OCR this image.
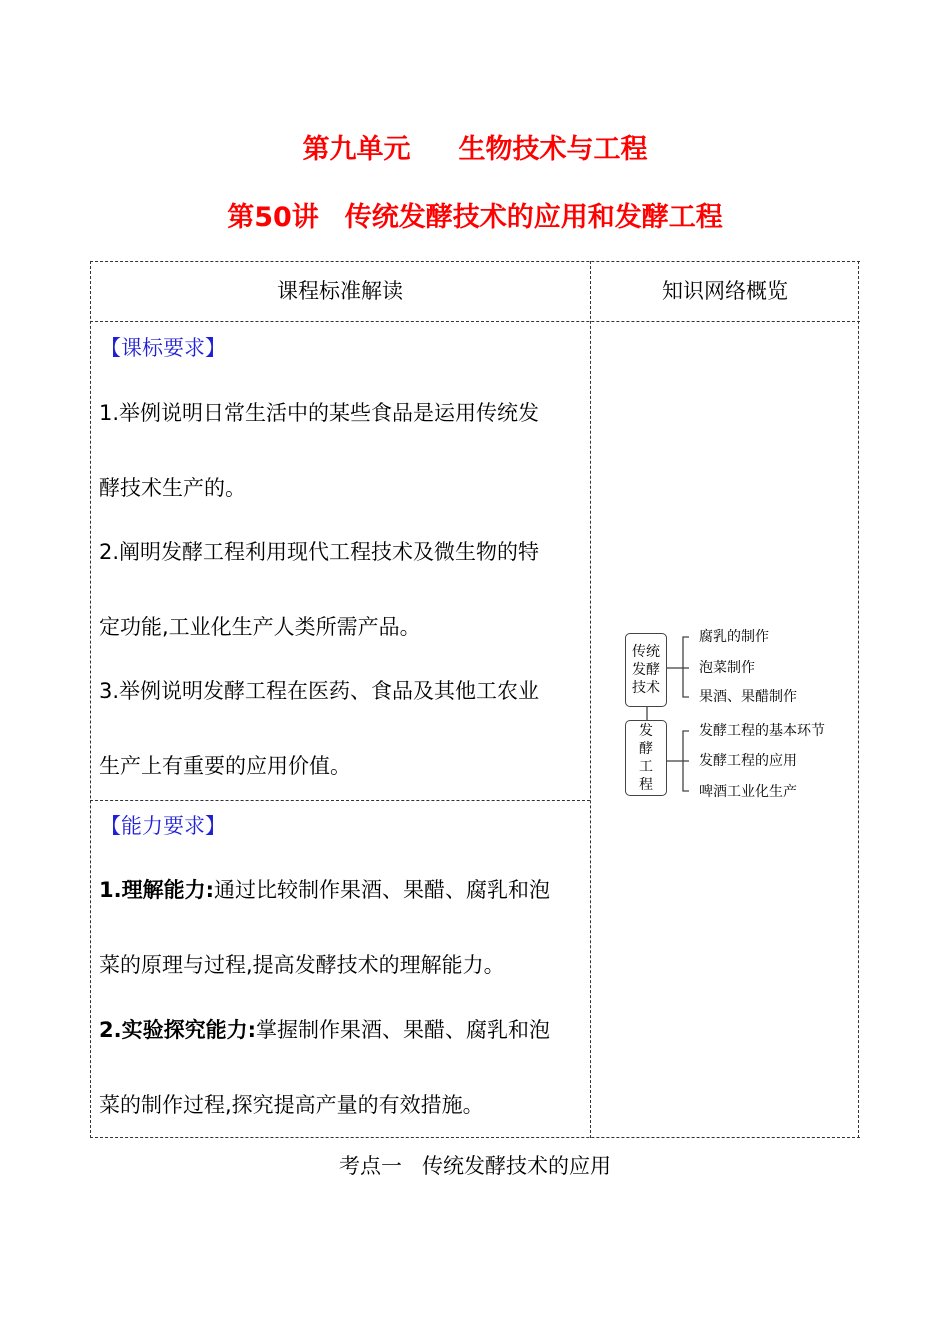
第九单元 生物技术与工程
第50讲 传统发酵技术的应用和发酵工程
课程标准解读	知识网络概览
【课标要求】
1.举例说明日常生活中的某些食品是运用传统发
酵技术生产的。
2.阐明发酵工程利用现代工程技术及微生物的特
定功能,工业化生产人类所需产品。
3.举例说明发酵工程在医药、食品及其他工农业
生产上有重要的应用价值。
【能力要求】
1.理解能力:通过比较制作果酒、果醋、腐乳和泡
菜的原理与过程,提高发酵技术的理解能力。
2.实验探究能力:掌握制作果酒、果醋、腐乳和泡
菜的制作过程,探究提高产量的有效措施。
传统
发酵
技术
腐乳的制作
泡菜制作
果酒、果醋制作
发
酵
工
程
发酵工程的基本环节
发酵工程的应用
啤酒工业化生产
考点一 传统发酵技术的应用
